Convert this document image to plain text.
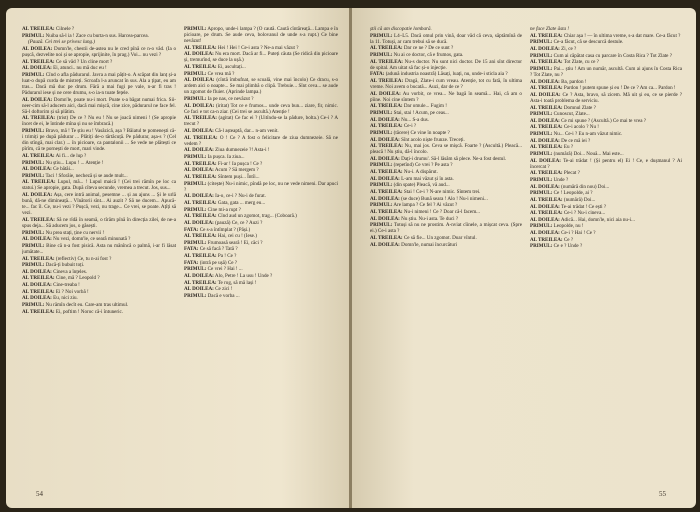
AL TREILEA: Cilnele ?

PRIMUL: Nuiba să-l ia ! Zace cu burta-n sus. Harcea-parcea.

(Pauză. Cei trei se privesc lung.)

AL DOILEA: Domn'le, chestii de-astea nu le cred pînă ce n-o văd. (Ia o pușcă, dezvelite noi și se apropie, sprijinite, în prag.) Voi... nu vezi ?

AL TREILEA: Ce să văd ? Un cline mort ?

AL DOILEA: Ei, atunci.. nu mă duc eu !

PRIMUL: Cînd o afla pădurarul. Javra a mai pățit-o. A scăpat din lanț și-a luat-o după curda de mistreți. Scroafa l-a aruncat în sus. Ala a țipat, eu am tras... Dacă mă duc pe drum. Fără a mai fugi pe vale, n-ar fi tras ! Pădurarul iese și ne cere drumu, s-o ia-n toate fețele.

AL DOILEA: Domn'le, poate nu-i mort. Poate s-a băgat numai frica. Sii-neer-cim să-l aducem aici, dacă mai mișcă, cine zice, pădurarul ne face fel. Să-l doftorim și să plătim.

AL TREILEA: (trist) De ce ? Nu eu ! Nu se joacă nimeni ! (Se apropie încet de ei, le întinde mîna și nu se îmbracă.)

PRIMUL: Bravo, mă ! Te știu eu ! Vasăzică, așa ? Băiatul te pomenești că-i trimiți pe după pădurar ... Plătiți de-o tărtăcuță. Pe pădurar, așa-s ? (Cel din stîngă, mai clar.) ... în picioare, ca pantalonii ... Se vede ne plătești ce pîrîm, că te pornești de mort, mari vinde.

AL TREILEA: Ai fi... de lup ?

PRIMUL: Nu știu... Lupu ! ... Atenție !

AL DOILEA: Ce bătăi...

PRIMUL: Taci ! Sforăie, necheză și se aude mult...

AL TREILEA: Lupul, mă... ! Lupul maică ! (Cei trei rămîn pe loc ca statui.) Se apropie, gata. După cîteva secunde, vremea a trecut. Jos, sus...

AL DOILEA: Așa, cere intră animal, pesemne ... și au ajuns ... Și le urlă bună, dă-ne dimineață... Vînătorii sînt... Ai auzit ? Să ne ducem... Apucă-te... fac îl. Ce, nu-i vezi ? Pușcă, vezi, nu trage... Ce vrei, se poate. Ațîți să vezi.

AL TREILEA: Să ne rîdă în seamă, o tîrăm pînă în direcția zilei, de ne-a spus deja... Să aducem jos, o găsești.

PRIMUL: Nu prea stați, ține cu nervii !

AL DOILEA: Nu vezi, domn'le, ce seară minunată ?

PRIMUL: Bine că n-a fost pisică. Asta nu mănîncă o palmă, i-ar fi lăsat jumătate...

AL TREILEA: (reflectiv) Ce, tu n-ai fost ?

PRIMUL: Dacă-ți bubuit toți.

AL DOILEA: Cineva a înțeles.

AL TREILEA: Cine, mă ? Leopold ?

AL DOILEA: Cine-treaba !

AL TREILEA: Ei ? Noi vorbă !

AL DOILEA: Eu, nici ziu.

PRIMUL: Nu rămîn decît eu. Care-am tras ultimul.

AL TREILEA: Ei, poftim ! Noroc că-i întuneric.

PRIMUL: Apropo, unde-i lampa ? (O caută. Caută cîntăreață... Lampa e în picioare, pe drum. Se aude ceva, bolovanul de unde s-a rupt.) Ce bine nevăzut!

AL TREILEA: Hei ! Hei ! Ce-i asta ? Ne-a mai văzut ?

AL DOILEA: Nu era mort. Dacă ar fi... Puteți căuta (Se ridică din picioare și, tremurînd, se duce la ușă.)

AL TREILEA: Ei, ascultați...

PRIMUL: Ce vrea mă ?

AL DOILEA: (cîntă îmbufnat, se scoală, vine mai încolo) Ce dracu, s-o ardem aici o noapte... Se mai plimbă o clipă. Trebuie... Sînt ceva... se aude un zgomot de fluier. (Aprinde lampa.)

PRIMUL: Ia pe nas, ce nevăzut ?

AL DOILEA: (iritat) Tot ce e frumos... unde ceva bun... ziare, fir, nimic. Ce faci e tot ca-n ziar. (Cei trei se ascultă.) Atenție !

AL TREILEA: (agitat) Ce fac ei ? (Uitîndu-se la pădure, bolta.) Ce-i ? A trecut ?

AL DOILEA: Că-l așteaptă, dar... n-am venit.

AL TREILEA: O ! Ce ? A fost o felicitare de ziua dumnezeie. Să ne vedem ?

AL DOILEA: Ziua dumnezeie ?! Asta-i !

PRIMUL: Ia pușca. Ia ziua...

AL TREILEA: Fi-ar ! Ia pușca ! Ce ?

AL DOILEA: Acum ? Să mergem ?

AL TREILEA: Sîntem puși... Întîi...

PRIMUL: (citește) Nu-i nimic, pîndă pe loc, nu ne vede nimeni. Dar apuci ?

AL DOILEA: Ia-o, ce-i ? Nu-i de furat.

AL TREILEA: Gata, gata ... merg eu...

PRIMUL: Cine mi-a rupt ?

AL TREILEA: Cînd aud un zgomot, trag... (Coboară.)

AL DOILEA: (pauză) Ce, ce ? Auzi ?

FATA: Ce s-a întîmplat ? (Păși.)

AL TREILEA: Hai, cei cu ! (Iese.)

PRIMUL: Frumoasă seară ! Ei, căci ?

FATA: Ce să facă ? Tată ?

AL TREILEA: Pa ! Ce ?

FATA: (intră pe ușă) Ce ?

PRIMUL: Ce vrei ? Hai ! ...

AL DOILEA: Alo, Petre ! La usu ! Unde ?

AL TREILEA: Te rog, să mă lași !

AL DOILEA: Ce zici !

PRIMUL: Dacă e vorba ...

54

știi că am discopatie lombară.

PRIMUL: L4–L5. Dacă omul prin vină, doar văd că ceva, săptămînă de la 11. Totuși, ar cam trebui să se ducă.

AL TREILEA: Dar ce ne ? De ce sunt ?

PRIMUL: Nu ai ce doctor, că e frumos, gata.

AL TREILEA: Nu-s doctor. Nu sunt nici doctor. De 15 ani sînt director de spital. Am uitat să fac și-o injecție.

FATA: (adună industria noastră) Lăsați, luați, nu, unde-i sticla aia ?

AL TREILEA: Dragă, Zlate-i cum vreau. Atenție, tot cu fată, în ultima vreme. Noi avem o bucată... Auzi, dar de ce ?

AL DOILEA: Au vorbit, ce vrea... Ne bagă în seamă... Hai, că am o pîine. Noi cine sîntem ?

AL TREILEA: Dar omule... Fugim !

PRIMUL: Stai, stai ! Acum, pe ceas...

AL DOILEA: Nu... S-a dus.

AL TREILEA: Ce-i ?

PRIMUL: (tăcere) Ce vine în noapte ?

AL DOILEA: Sînt acolo niște frunze. Treceți.

AL TREILEA: Nu, mai jos. Ceva se mișcă. Foarte ? (Ascultă.) Pleacă... pleacă ! Nu știu, dă-l încolo.

AL DOILEA: Dați-i drumu'. Să-l lăsăm să plece. Ne-a fost destul.

PRIMUL: (repetînd) Ce vrei ? Pe asta ?

AL TREILEA: Nu-i. A dispărut.

AL DOILEA: L-am mai văzut și în asta.

PRIMUL: (din spate) Pleacă, vă aud...

AL TREILEA: Stai ! Ce-i ? N-are nimic. Sîntem trei.

AL DOILEA: (se duce) Bună seara ! Alo ! Nu-i nimeni...

PRIMUL: Are lampa ? Ce fel ? Ai văzut ?

AL TREILEA: Nu-i nimeni ! Ce ? Doar că-l facem...

AL DOILEA: Nu știu. Nu-i asta. Te duci ?

PRIMUL: Totuși să nu ne prostim. A-nviat cîinele, a mișcat ceva. (Spre ei.) Ce-i asta ?

AL TREILEA: Ce să fie... Un zgomot. Doar vîntul.

AL DOILEA: Domn'le, numai încurcături

ne face Zlate ăsta !

AL TREILEA: Chiar așa ! — în ultima vreme, s-a dat mare. Ce-a făcut ?

PRIMUL: Ce-a făcut, că se descurcă destule.

AL DOILEA: Zi, ce ?

PRIMUL: Cum ai căpătat casa cu parcare în Costa Rica ? Tot Zlate ?

AL TREILEA: Tot Zlate, cu ce ?

PRIMUL: Pai... știu ! Am un număr, ascultă. Cum ai ajuns în Costa Rica ? Tot Zlate, nu ?

AL DOILEA: Ba, pardon !

AL TREILEA: Pardon ! putem spune și eu ! De ce ? Am ca... Pardon !

AL DOILEA: Ce ? Asta, bravo, să zicem. Mă uit și eu, ce se pierde ? Asta-i toată problema de serviciu.

AL TREILEA: Domnul Zlate ?

PRIMUL: Cunoscut, Zlate...

AL DOILEA: Ce mi spune ? (Ascultă.) Ce mai te vrea ?

AL TREILEA: Ce-i acolo ? Nu !

PRIMUL: Nu... Ce-i ? Eu n-am văzut nimic.

AL DOILEA: De ce mă iei ?

AL TREILEA: Eu ?

PRIMUL: (numără) Doi... Nouă... Mai este...

AL DOILEA: Te-ai trădat ! (Și pentru el) Ei ! Ce, e dușmanul ? Ai încercat ?

AL TREILEA: Plecat ?

PRIMUL: Unde ?

AL DOILEA: (numără din nou) Doi...

PRIMUL: Ce ! Leopolde, ai ?

AL TREILEA: (numără) Doi...

AL DOILEA: Te-ai trădat ! Ce ești ?

AL TREILEA: Ce-i ? Nu-i cineva...

AL DOILEA: Adică... Hai, domn'le, nici aia nu-i...

PRIMUL: Leopolde, nu !

AL DOILEA: Ce-i ? Hai ! Ce ?

AL TREILEA: Ce ?

PRIMUL: Ce e ? Unde ?

55
